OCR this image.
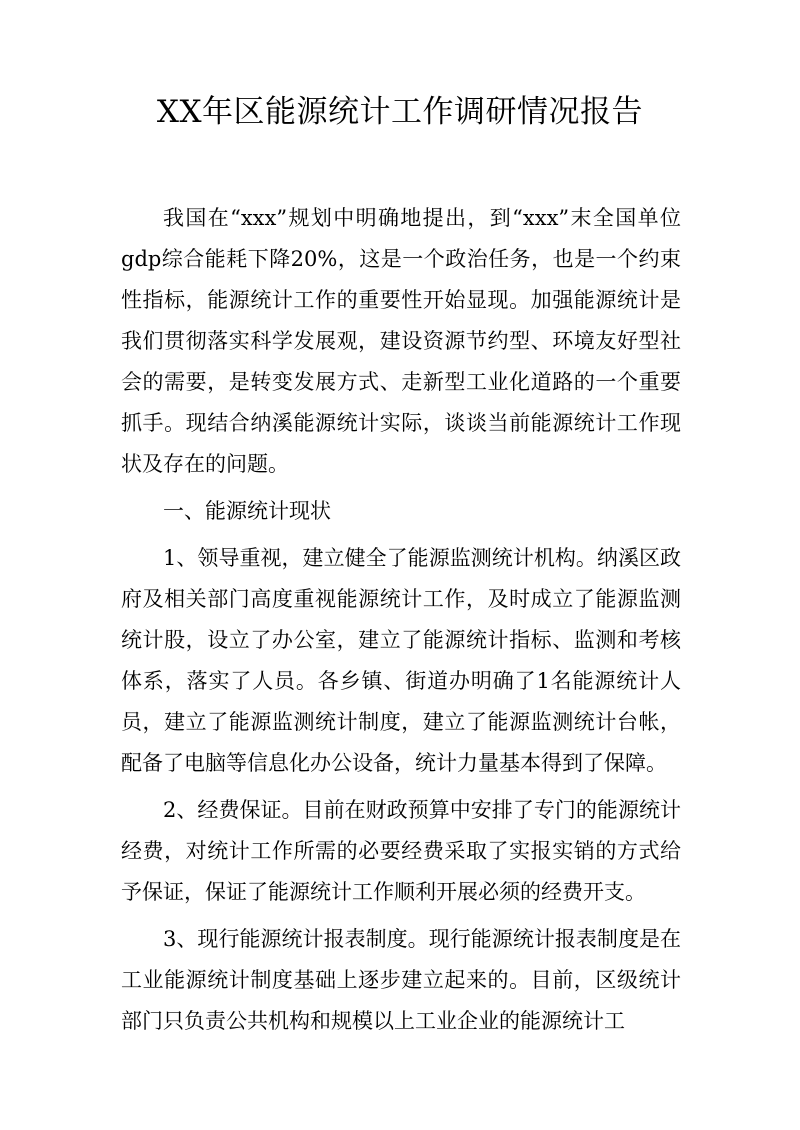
XX年区能源统计工作调研情况报告

我国在“xxx”规划中明确地提出，到“xxx”末全国单位gdp综合能耗下降20%，这是一个政治任务，也是一个约束性指标，能源统计工作的重要性开始显现。加强能源统计是我们贯彻落实科学发展观，建设资源节约型、环境友好型社会的需要，是转变发展方式、走新型工业化道路的一个重要抓手。现结合纳溪能源统计实际，谈谈当前能源统计工作现状及存在的问题。

一、能源统计现状

1、领导重视，建立健全了能源监测统计机构。纳溪区政府及相关部门高度重视能源统计工作，及时成立了能源监测统计股，设立了办公室，建立了能源统计指标、监测和考核体系，落实了人员。各乡镇、街道办明确了1名能源统计人员，建立了能源监测统计制度，建立了能源监测统计台帐，配备了电脑等信息化办公设备，统计力量基本得到了保障。

2、经费保证。目前在财政预算中安排了专门的能源统计经费，对统计工作所需的必要经费采取了实报实销的方式给予保证，保证了能源统计工作顺利开展必须的经费开支。

3、现行能源统计报表制度。现行能源统计报表制度是在工业能源统计制度基础上逐步建立起来的。目前，区级统计部门只负责公共机构和规模以上工业企业的能源统计工
